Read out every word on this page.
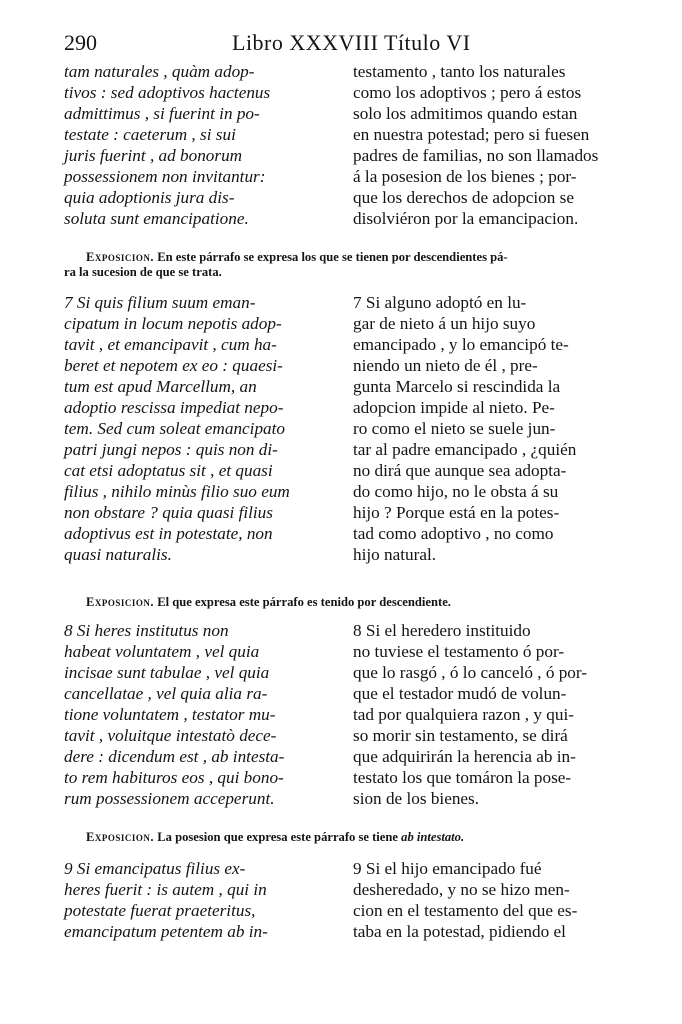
290	Libro XXXVIII Título VI
tam naturales , quàm adop-
tivos : sed adoptivos hactenus
admittimus , si fuerint in po-
testate : caeterum , si sui
juris fuerint , ad bonorum
possessionem non invitantur:
quia adoptionis jura dis-
soluta sunt emancipatione.
testamento , tanto los naturales
como los adoptivos ; pero á estos
solo los admitimos quando estan
en nuestra potestad; pero si fuesen
padres de familias, no son llamados
á la posesion de los bienes ; por-
que los derechos de adopcion se
disolviéron por la emancipacion.
Exposicion. En este párrafo se expresa los que se tienen por descendientes pá-
ra la sucesion de que se trata.
7 Si quis filium suum eman-
cipatum in locum nepotis adop-
tavit , et emancipavit , cum ha-
beret et nepotem ex eo : quaesi-
tum est apud Marcellum, an
adoptio rescissa impediat nepo-
tem. Sed cum soleat emancipato
patri jungi nepos : quis non di-
cat etsi adoptatus sit , et quasi
filius , nihilo minùs filio suo eum
non obstare ? quia quasi filius
adoptivus est in potestate, non
quasi naturalis.
7 Si alguno adoptó en lu-
gar de nieto á un hijo suyo
emancipado , y lo emancipó te-
niendo un nieto de él , pre-
gunta Marcelo si rescindida la
adopcion impide al nieto. Pe-
ro como el nieto se suele jun-
tar al padre emancipado , ¿quién
no dirá que aunque sea adopta-
do como hijo, no le obsta á su
hijo ? Porque está en la potes-
tad como adoptivo , no como
hijo natural.
Exposicion. El que expresa este párrafo es tenido por descendiente.
8 Si heres institutus non
habeat voluntatem , vel quia
incisae sunt tabulae , vel quia
cancellatae , vel quia alia ra-
tione voluntatem , testator mu-
tavit , voluitque intestatò dece-
dere : dicendum est , ab intesta-
to rem habituros eos , qui bono-
rum possessionem acceperunt.
8 Si el heredero instituido
no tuviese el testamento ó por-
que lo rasgó , ó lo canceló , ó por-
que el testador mudó de volun-
tad por qualquiera razon , y qui-
so morir sin testamento, se dirá
que adquirirán la herencia ab in-
testato los que tomáron la pose-
sion de los bienes.
Exposicion. La posesion que expresa este párrafo se tiene ab intestato.
9 Si emancipatus filius ex-
heres fuerit : is autem , qui in
potestate fuerat praeteritus,
emancipatum petentem ab in-
9 Si el hijo emancipado fué
desheredado, y no se hizo men-
cion en el testamento del que es-
taba en la potestad, pidiendo el
